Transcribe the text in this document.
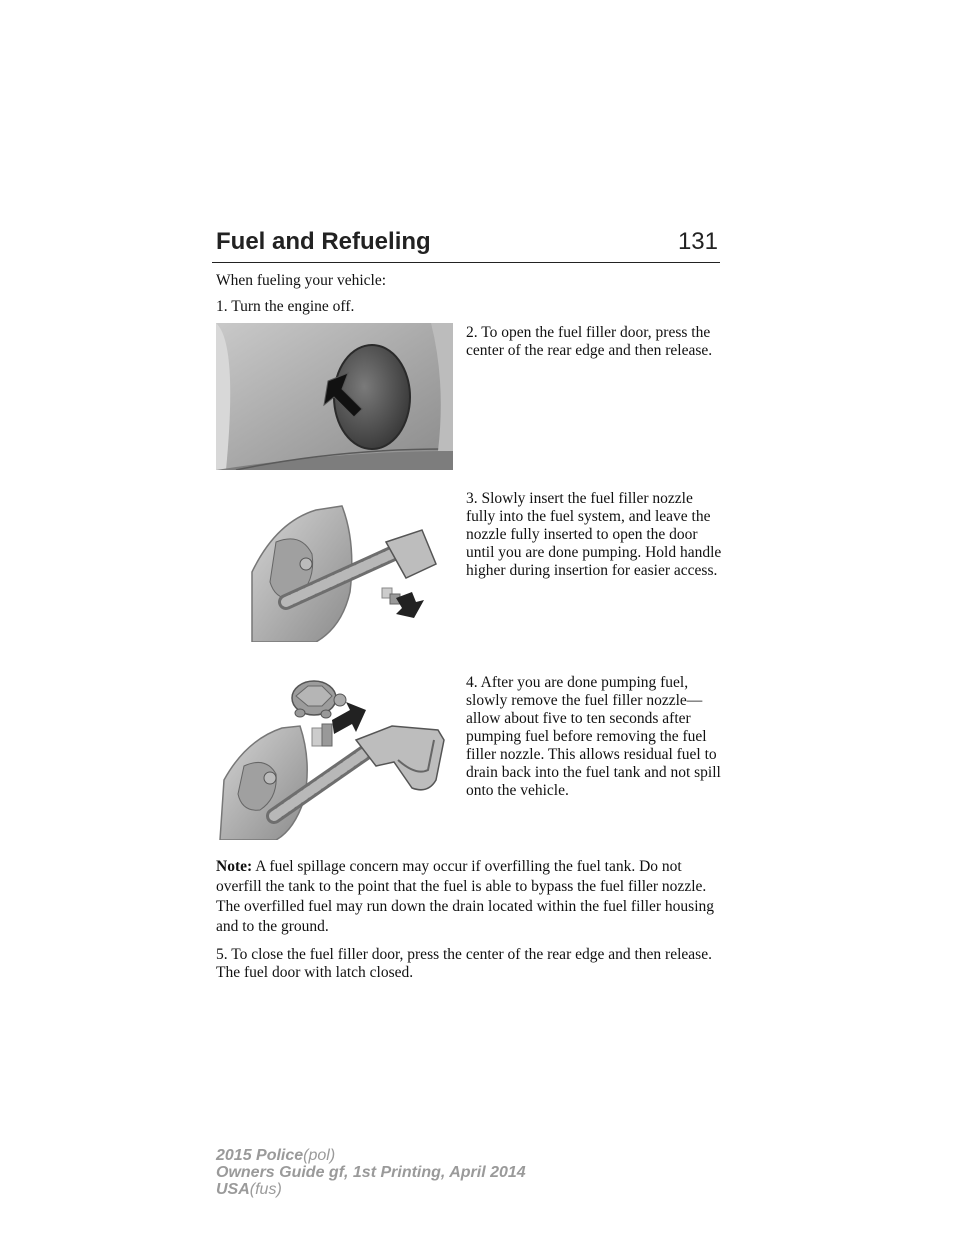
Fuel and Refueling	131
When fueling your vehicle:
1. Turn the engine off.
2. To open the fuel filler door, press the center of the rear edge and then release.
3. Slowly insert the fuel filler nozzle fully into the fuel system, and leave the nozzle fully inserted to open the door until you are done pumping. Hold handle higher during insertion for easier access.
4. After you are done pumping fuel, slowly remove the fuel filler nozzle—allow about five to ten seconds after pumping fuel before removing the fuel filler nozzle. This allows residual fuel to drain back into the fuel tank and not spill onto the vehicle.
Note: A fuel spillage concern may occur if overfilling the fuel tank. Do not overfill the tank to the point that the fuel is able to bypass the fuel filler nozzle. The overfilled fuel may run down the drain located within the fuel filler housing and to the ground.
5. To close the fuel filler door, press the center of the rear edge and then release. The fuel door with latch closed.
2015 Police(pol)
Owners Guide gf, 1st Printing, April 2014
USA(fus)
